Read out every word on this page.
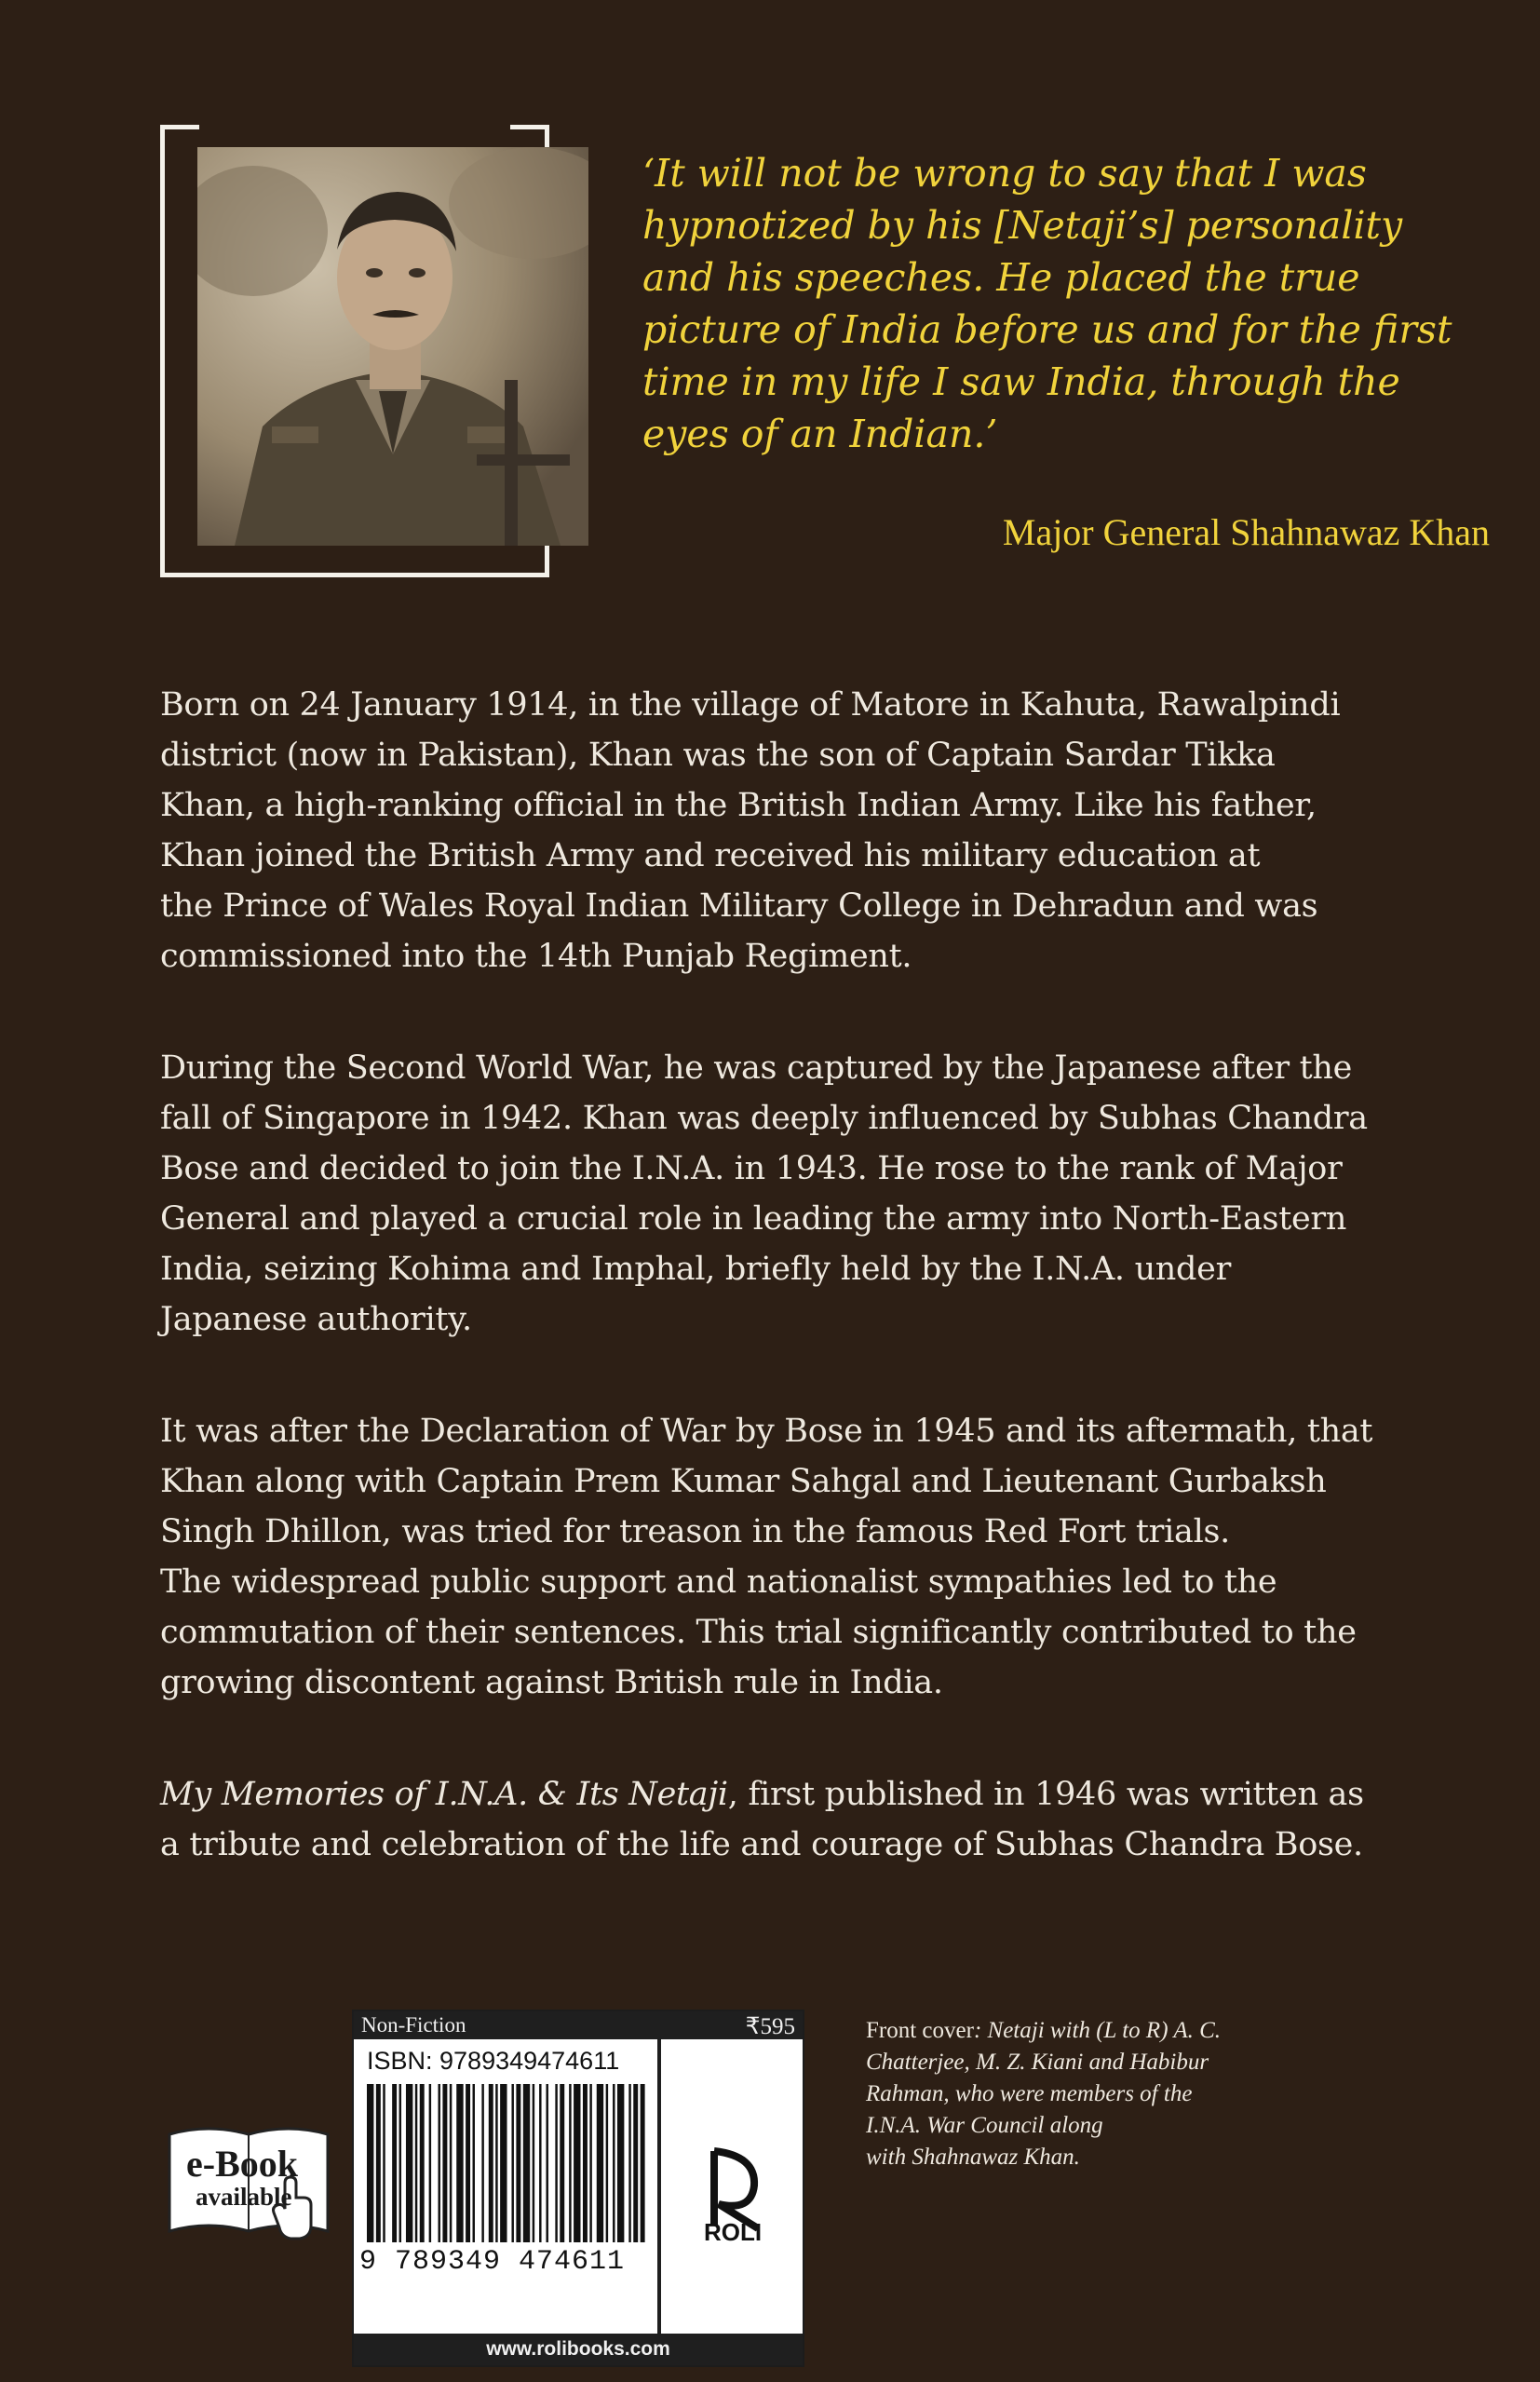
‘It will not be wrong to say that I was
hypnotized by his [Netaji’s] personality
and his speeches. He placed the true
picture of India before us and for the first
time in my life I saw India, through the
eyes of an Indian.’

Major General Shahnawaz Khan

Born on 24 January 1914, in the village of Matore in Kahuta, Rawalpindi
district (now in Pakistan), Khan was the son of Captain Sardar Tikka
Khan, a high-ranking official in the British Indian Army. Like his father,
Khan joined the British Army and received his military education at
the Prince of Wales Royal Indian Military College in Dehradun and was
commissioned into the 14th Punjab Regiment.

During the Second World War, he was captured by the Japanese after the
fall of Singapore in 1942. Khan was deeply influenced by Subhas Chandra
Bose and decided to join the I.N.A. in 1943. He rose to the rank of Major
General and played a crucial role in leading the army into North-Eastern
India, seizing Kohima and Imphal, briefly held by the I.N.A. under
Japanese authority.

It was after the Declaration of War by Bose in 1945 and its aftermath, that
Khan along with Captain Prem Kumar Sahgal and Lieutenant Gurbaksh
Singh Dhillon, was tried for treason in the famous Red Fort trials.
The widespread public support and nationalist sympathies led to the
commutation of their sentences. This trial significantly contributed to the
growing discontent against British rule in India.

My Memories of I.N.A. & Its Netaji, first published in 1946 was written as
a tribute and celebration of the life and courage of Subhas Chandra Bose.

e-Book
available
Non-Fiction	₹595
ISBN: 9789349474611
9 789349 474611
ROLI
www.rolibooks.com

Front cover: Netaji with (L to R) A. C.
Chatterjee, M. Z. Kiani and Habibur
Rahman, who were members of the
I.N.A. War Council along
with Shahnawaz Khan.
